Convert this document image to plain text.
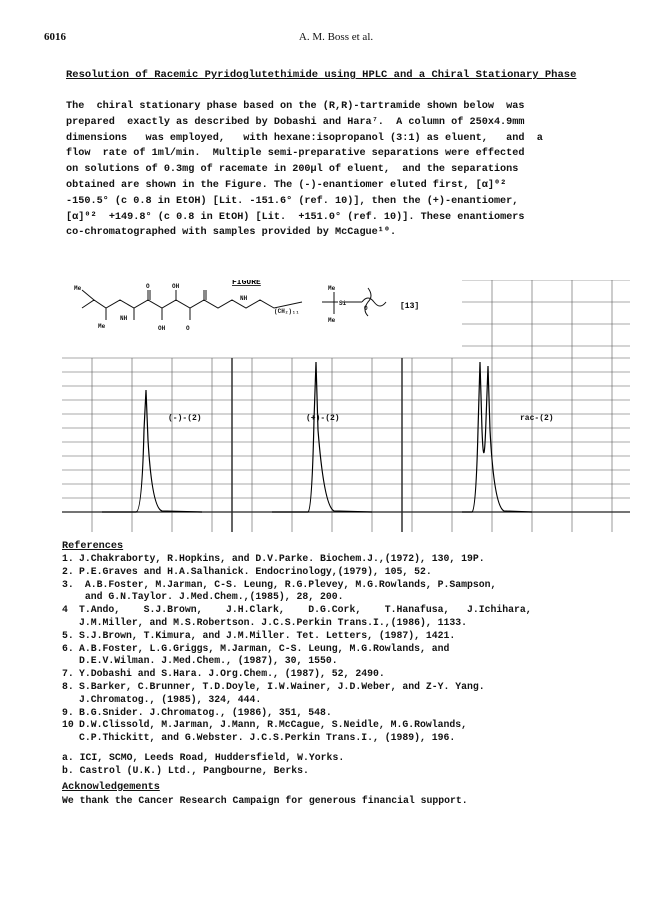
6016	A. M. Boss et al.
Resolution of Racemic Pyridoglutethimide using HPLC and a Chiral Stationary Phase
The  chiral stationary phase based on the (R,R)-tartramide shown below  was
prepared  exactly as described by Dobashi and Hara⁷.  A column of 250x4.9mm
dimensions   was employed,   with hexane:isopropanol (3:1) as eluent,   and  a
flow  rate of 1ml/min.  Multiple semi-preparative separations were effected
on solutions of 0.3mg of racemate in 200µl of eluent,  and the separations
obtained are shown in the Figure. The (-)-enantiomer eluted first, [α]⁰²
-150.5° (c 0.8 in EtOH) [Lit. -151.6° (ref. 10)], then the (+)-enantiomer,
[α]⁰²  +149.8° (c 0.8 in EtOH) [Lit.  +151.0° (ref. 10)]. These enantiomers
co-chromatographed with samples provided by McCague¹⁰.
FIGURE
Me
Me
NH
O
OH
OH
O
NH
(CH₂)₁₁
Me
Si
Me
O	[13]
(-)-(2)	(+)-(2)	rac-(2)
References
1. J.Chakraborty, R.Hopkins, and D.V.Parke. Biochem.J.,(1972), 130, 19P.
2. P.E.Graves and H.A.Salhanick. Endocrinology,(1979), 105, 52.
3.	A.B.Foster, M.Jarman, C-S. Leung, R.G.Plevey, M.G.Rowlands, P.Sampson,
and G.N.Taylor. J.Med.Chem.,(1985), 28, 200.
4	T.Ando,    S.J.Brown,    J.H.Clark,    D.G.Cork,    T.Hanafusa,   J.Ichihara,
J.M.Miller, and M.S.Robertson. J.C.S.Perkin Trans.I.,(1986), 1133.
5. S.J.Brown, T.Kimura, and J.M.Miller. Tet. Letters, (1987), 1421.
6. A.B.Foster, L.G.Griggs, M.Jarman, C-S. Leung, M.G.Rowlands, and
D.E.V.Wilman. J.Med.Chem., (1987), 30, 1550.
7. Y.Dobashi and S.Hara. J.Org.Chem., (1987), 52, 2490.
8. S.Barker, C.Brunner, T.D.Doyle, I.W.Wainer, J.D.Weber, and Z-Y. Yang.
J.Chromatog., (1985), 324, 444.
9. B.G.Snider. J.Chromatog., (1986), 351, 548.
10 D.W.Clissold, M.Jarman, J.Mann, R.McCague, S.Neidle, M.G.Rowlands,
C.P.Thickitt, and G.Webster. J.C.S.Perkin Trans.I., (1989), 196.
a. ICI, SCMO, Leeds Road, Huddersfield, W.Yorks.
b. Castrol (U.K.) Ltd., Pangbourne, Berks.
Acknowledgements
We thank the Cancer Research Campaign for generous financial support.
